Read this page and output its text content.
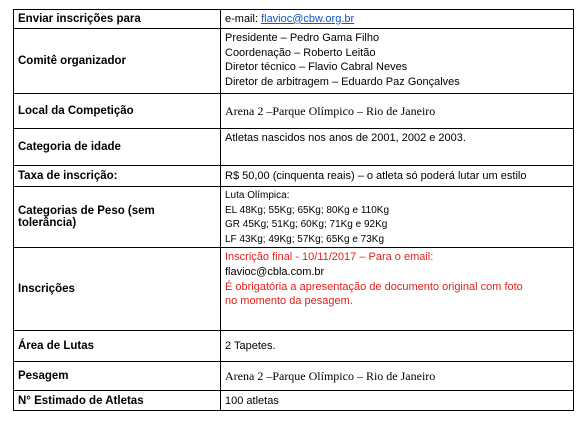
Enviar inscrições para	e-mail: flavioc@cbw.org.br
Comitê organizador	Presidente – Pedro Gama Filho
Coordenação – Roberto Leitão
Diretor técnico – Flavio Cabral Neves
Diretor de arbitragem – Eduardo Paz Gonçalves

Local da Competição	Arena 2 –Parque Olímpico – Rio de Janeiro
Categoria de idade	Atletas nascidos nos anos de 2001, 2002 e 2003.
Taxa de inscrição:	R$ 50,00 (cinquenta reais) – o atleta só poderá lutar um estilo
Categorias de Peso (sem tolerância)	Luta Olímpica:
EL 48Kg; 55Kg; 65Kg; 80Kg e 110Kg
GR 45Kg; 51Kg; 60Kg; 71Kg e 92Kg
LF 43Kg; 49Kg; 57Kg; 65Kg e 73Kg

Inscrições	Inscrição final - 10/11/2017 – Para o email:
flavioc@cbla.com.br
É obrigatória a apresentação de documento original com foto
no momento da pesagem.

Área de Lutas	2 Tapetes.
Pesagem	Arena 2 –Parque Olímpico – Rio de Janeiro
N° Estimado de Atletas	100 atletas
